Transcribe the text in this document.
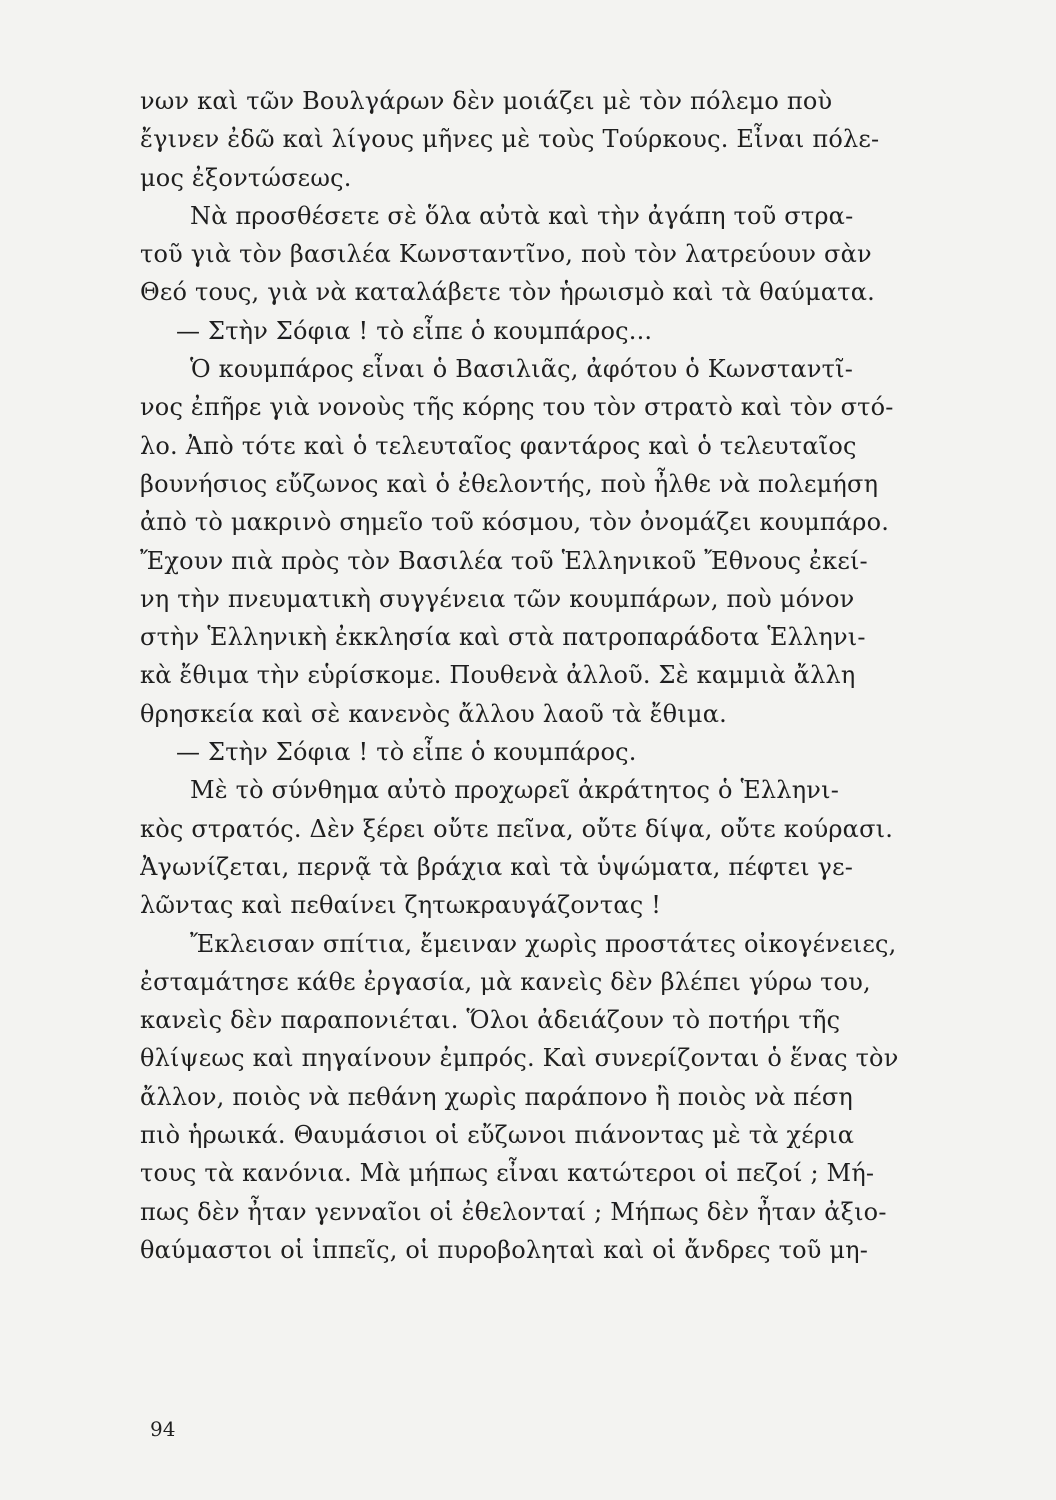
νων καὶ τῶν Βουλγάρων δὲν μοιάζει μὲ τὸν πόλεμο ποὺ
ἔγινεν ἐδῶ καὶ λίγους μῆνες μὲ τοὺς Τούρκους. Εἶναι πόλε-
μος ἐξοντώσεως.
Νὰ προσθέσετε σὲ ὅλα αὐτὰ καὶ τὴν ἀγάπη τοῦ στρα-
τοῦ γιὰ τὸν βασιλέα Κωνσταντῖνο, ποὺ τὸν λατρεύουν σὰν
Θεό τους, γιὰ νὰ καταλάβετε τὸν ἡρωισμὸ καὶ τὰ θαύματα.
— Στὴν Σόφια ! τὸ εἶπε ὁ κουμπάρος...
Ὁ κουμπάρος εἶναι ὁ Βασιλιᾶς, ἀφότου ὁ Κωνσταντῖ-
νος ἐπῆρε γιὰ νονοὺς τῆς κόρης του τὸν στρατὸ καὶ τὸν στό-
λο. Ἀπὸ τότε καὶ ὁ τελευταῖος φαντάρος καὶ ὁ τελευταῖος
βουνήσιος εὔζωνος καὶ ὁ ἐθελοντής, ποὺ ἦλθε νὰ πολεμήση
ἀπὸ τὸ μακρινὸ σημεῖο τοῦ κόσμου, τὸν ὀνομάζει κουμπάρο.
Ἔχουν πιὰ πρὸς τὸν Βασιλέα τοῦ Ἑλληνικοῦ Ἔθνους ἐκεί-
νη τὴν πνευματικὴ συγγένεια τῶν κουμπάρων, ποὺ μόνον
στὴν Ἑλληνικὴ ἐκκλησία καὶ στὰ πατροπαράδοτα Ἑλληνι-
κὰ ἔθιμα τὴν εὑρίσκομε. Πουθενὰ ἀλλοῦ. Σὲ καμμιὰ ἄλλη
θρησκεία καὶ σὲ κανενὸς ἄλλου λαοῦ τὰ ἔθιμα.
— Στὴν Σόφια ! τὸ εἶπε ὁ κουμπάρος.
Μὲ τὸ σύνθημα αὐτὸ προχωρεῖ ἀκράτητος ὁ Ἑλληνι-
κὸς στρατός. Δὲν ξέρει οὔτε πεῖνα, οὔτε δίψα, οὔτε κούρασι.
Ἀγωνίζεται, περνᾷ τὰ βράχια καὶ τὰ ὑψώματα, πέφτει γε-
λῶντας καὶ πεθαίνει ζητωκραυγάζοντας !
Ἔκλεισαν σπίτια, ἔμειναν χωρὶς προστάτες οἰκογένειες,
ἐσταμάτησε κάθε ἐργασία, μὰ κανεὶς δὲν βλέπει γύρω του,
κανεὶς δὲν παραπονιέται. Ὅλοι ἀδειάζουν τὸ ποτήρι τῆς
θλίψεως καὶ πηγαίνουν ἐμπρός. Καὶ συνερίζονται ὁ ἕνας τὸν
ἄλλον, ποιὸς νὰ πεθάνη χωρὶς παράπονο ἢ ποιὸς νὰ πέση
πιὸ ἡρωικά. Θαυμάσιοι οἱ εὔζωνοι πιάνοντας μὲ τὰ χέρια
τους τὰ κανόνια. Μὰ μήπως εἶναι κατώτεροι οἱ πεζοί ; Μή-
πως δὲν ἦταν γενναῖοι οἱ ἐθελονταί ; Μήπως δὲν ἦταν ἀξιο-
θαύμαστοι οἱ ἱππεῖς, οἱ πυροβοληταὶ καὶ οἱ ἄνδρες τοῦ μη-
94
